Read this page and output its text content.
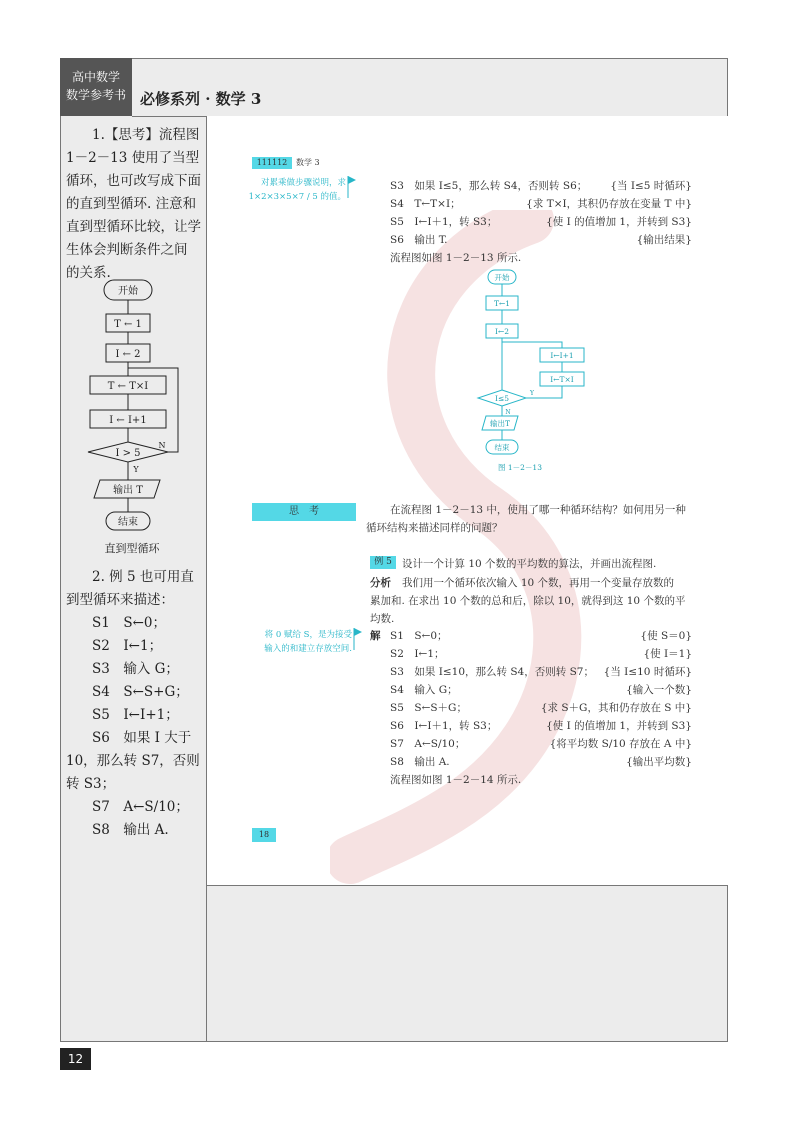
高中数学
数学参考书 必修系列 · 数学 3
1.【思考】流程图
1－2－13 使用了当型
循环，也可改写成下面
的直到型循环. 注意和
直到型循环比较，让学
生体会判断条件之间
的关系.
开始
T ← 1
I ← 2
T ← T×I
I ← I+1
I > 5
Y
N
输出 T
结束
直到型循环
2. 例 5 也可用直
到型循环来描述：
S1　S←0；
S2　I←1；
S3　输入 G；
S4　S←S+G；
S5　I←I+1；
S6　如果 I 大于
10，那么转 S7，否则
转 S3；
S7　A←S/10；
S8　输出 A.
111112	数学 3
对累乘做步骤说明，求 1×2×3×5×7 / 5 的值。
S3　如果 I≤5，那么转 S4，否则转 S6； {当 I≤5 时循环}
S4　T←T×I；	{求 T×I，其积仍存放在变量 T 中}
S5　I←I＋1，转 S3；	{使 I 的值增加 1，并转到 S3}
S6　输出 T.	{输出结果}
流程图如图 1－2－13 所示.
开始
T←1
I←2
I←I+1
I←T×I
I≤5
Y
N
输出T
结束
图 1－2－13
思　考	在流程图 1－2－13 中，使用了哪一种循环结构？如何用另一种
循环结构来描述同样的问题？
例 5 设计一个计算 10 个数的平均数的算法，并画出流程图.
分析 我们用一个循环依次输入 10 个数，再用一个变量存放数的
累加和. 在求出 10 个数的总和后，除以 10，就得到这 10 个数的平
均数.
将 0 赋给 S，是为接受输入的和建立存放空间.
解 S1　S←0；	{使 S＝0}
S2　I←1；	{使 I＝1}
S3　如果 I≤10，那么转 S4，否则转 S7； {当 I≤10 时循环}
S4　输入 G；	{输入一个数}
S5　S←S＋G；	{求 S＋G，其和仍存放在 S 中}
S6　I←I＋1，转 S3；	{使 I 的值增加 1，并转到 S3}
S7　A←S/10；	{将平均数 S/10 存放在 A 中}
S8　输出 A.	{输出平均数}
流程图如图 1－2－14 所示.
18
12
